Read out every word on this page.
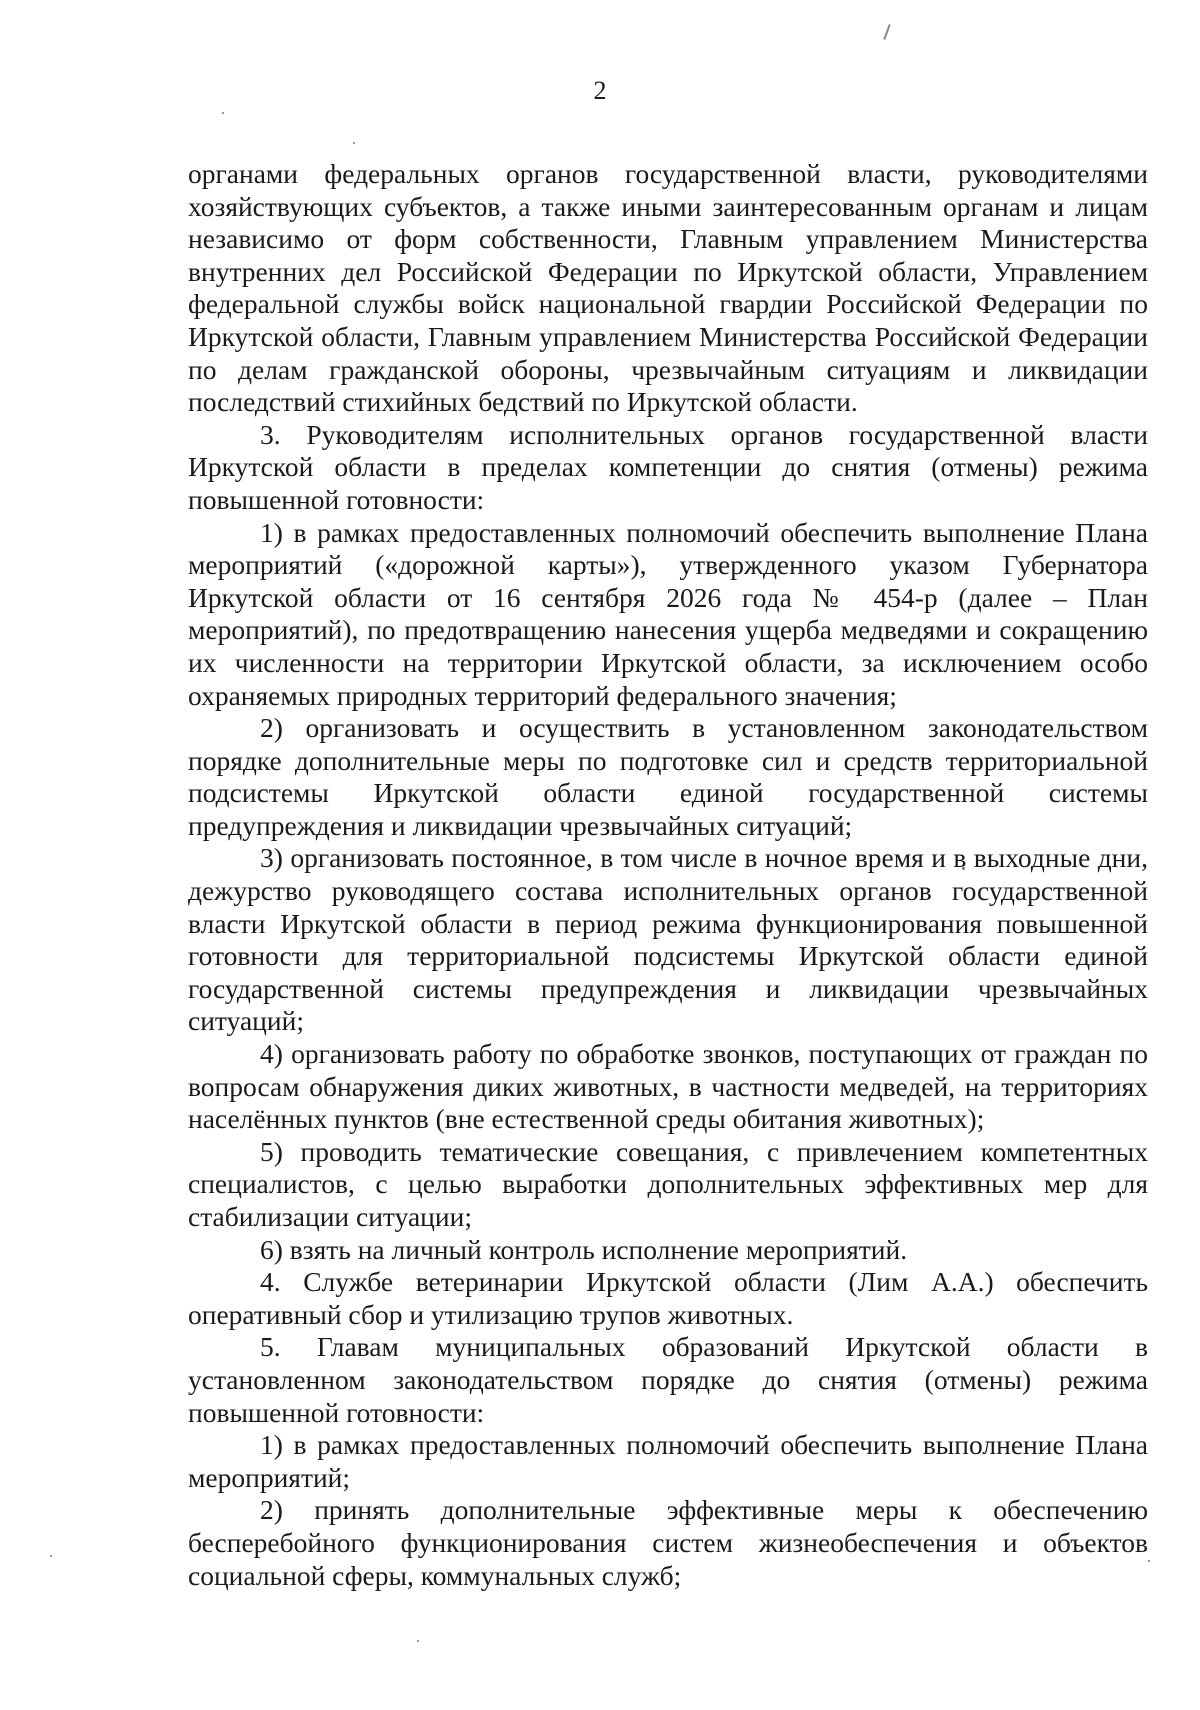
2

органами федеральных органов государственной власти, руководителями хозяйствующих субъектов, а также иными заинтересованным органам и лицам независимо от форм собственности, Главным управлением Министерства внутренних дел Российской Федерации по Иркутской области, Управлением федеральной службы войск национальной гвардии Российской Федерации по Иркутской области, Главным управлением Министерства Российской Федерации по делам гражданской обороны, чрезвычайным ситуациям и ликвидации последствий стихийных бедствий по Иркутской области.

3. Руководителям исполнительных органов государственной власти Иркутской области в пределах компетенции до снятия (отмены) режима повышенной готовности:

1) в рамках предоставленных полномочий обеспечить выполнение Плана мероприятий («дорожной карты»), утвержденного указом Губернатора Иркутской области от 16 сентября 2026 года № 454-р (далее – План мероприятий), по предотвращению нанесения ущерба медведями и сокращению их численности на территории Иркутской области, за исключением особо охраняемых природных территорий федерального значения;

2) организовать и осуществить в установленном законодательством порядке дополнительные меры по подготовке сил и средств территориальной подсистемы Иркутской области единой государственной системы предупреждения и ликвидации чрезвычайных ситуаций;

3) организовать постоянное, в том числе в ночное время и в выходные дни, дежурство руководящего состава исполнительных органов государственной власти Иркутской области в период режима функционирования повышенной готовности для территориальной подсистемы Иркутской области единой государственной системы предупреждения и ликвидации чрезвычайных ситуаций;

4) организовать работу по обработке звонков, поступающих от граждан по вопросам обнаружения диких животных, в частности медведей, на территориях населённых пунктов (вне естественной среды обитания животных);

5) проводить тематические совещания, с привлечением компетентных специалистов, с целью выработки дополнительных эффективных мер для стабилизации ситуации;

6) взять на личный контроль исполнение мероприятий.

4. Службе ветеринарии Иркутской области (Лим А.А.) обеспечить оперативный сбор и утилизацию трупов животных.

5. Главам муниципальных образований Иркутской области в установленном законодательством порядке до снятия (отмены) режима повышенной готовности:

1) в рамках предоставленных полномочий обеспечить выполнение Плана мероприятий;

2) принять дополнительные эффективные меры к обеспечению бесперебойного функционирования систем жизнеобеспечения и объектов социальной сферы, коммунальных служб;
